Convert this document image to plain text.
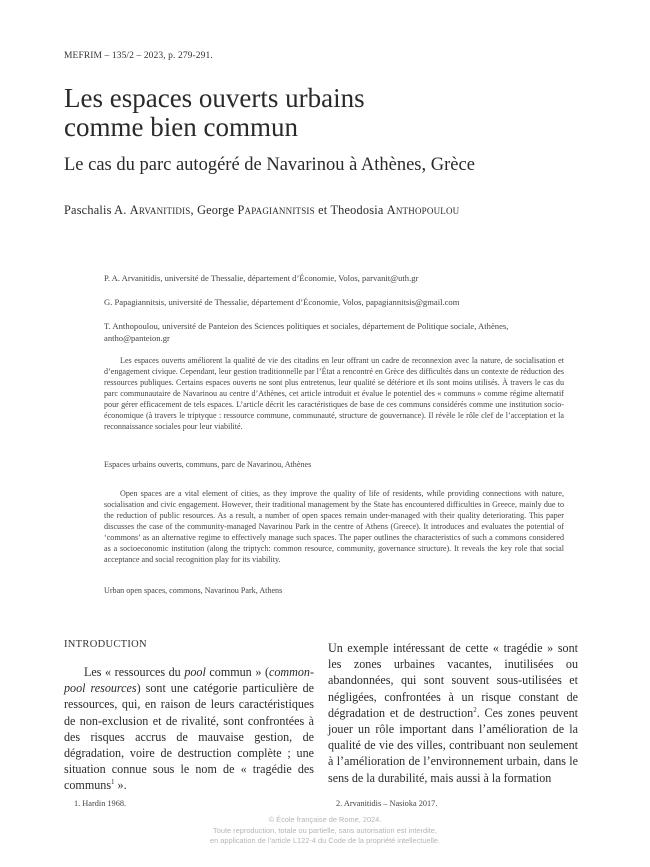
MEFRIM – 135/2 – 2023, p. 279-291.
Les espaces ouverts urbains
comme bien commun
Le cas du parc autogéré de Navarinou à Athènes, Grèce
Paschalis A. Arvanitidis, George Papagiannitsis et Theodosia Anthopoulou

P. A. Arvanitidis, université de Thessalie, département d’Économie, Volos, parvanit@uth.gr

G. Papagiannitsis, université de Thessalie, département d’Économie, Volos, papagiannitsis@gmail.com

T. Anthopoulou, université de Panteion des Sciences politiques et sociales, département de Politique sociale, Athènes, antho@panteion.gr

Les espaces ouverts améliorent la qualité de vie des citadins en leur offrant un cadre de reconnexion avec la nature, de socialisation et d’engagement civique. Cependant, leur gestion traditionnelle par l’État a rencontré en Grèce des difficultés dans un contexte de réduction des ressources publiques. Certains espaces ouverts ne sont plus entretenus, leur qualité se détériore et ils sont moins utilisés. À travers le cas du parc communautaire de Navarinou au centre d’Athènes, cet article introduit et évalue le potentiel des « communs » comme régime alternatif pour gérer efficacement de tels espaces. L’article décrit les caractéristiques de base de ces communs considérés comme une institution socio-économique (à travers le triptyque : ressource commune, communauté, structure de gouvernance). Il révèle le rôle clef de l’acceptation et la reconnaissance sociales pour leur viabilité.

Espaces urbains ouverts, communs, parc de Navarinou, Athènes

Open spaces are a vital element of cities, as they improve the quality of life of residents, while providing connections with nature, socialisation and civic engagement. However, their traditional management by the State has encountered difficulties in Greece, mainly due to the reduction of public resources. As a result, a number of open spaces remain under-managed with their quality deteriorating. This paper discusses the case of the community-managed Navarinou Park in the centre of Athens (Greece). It introduces and evaluates the potential of ‘commons’ as an alternative regime to effectively manage such spaces. The paper outlines the characteristics of such a commons considered as a socioeconomic institution (along the triptych: common resource, community, governance structure). It reveals the key role that social acceptance and social recognition play for its viability.

Urban open spaces, commons, Navarinou Park, Athens

INTRODUCTION

Les « ressources du pool commun » (common-pool resources) sont une catégorie particulière de ressources, qui, en raison de leurs caractéristiques de non-exclusion et de rivalité, sont confrontées à des risques accrus de mauvaise gestion, de dégradation, voire de destruction complète ; une situation connue sous le nom de « tragédie des communs$^1$ ».

Un exemple intéressant de cette « tragédie » sont les zones urbaines vacantes, inutilisées ou abandonnées, qui sont souvent sous-utilisées et négligées, confrontées à un risque constant de dégradation et de destruction$^2$. Ces zones peuvent jouer un rôle important dans l’amélioration de la qualité de vie des villes, contribuant non seulement à l’amélioration de l’environnement urbain, dans le sens de la durabilité, mais aussi à la formation

1. Hardin 1968.	2. Arvanitidis – Nasioka 2017.
© École française de Rome, 2024.
Toute reproduction, totale ou partielle, sans autorisation est interdite,
en application de l’article L122-4 du Code de la propriété intellectuelle.
